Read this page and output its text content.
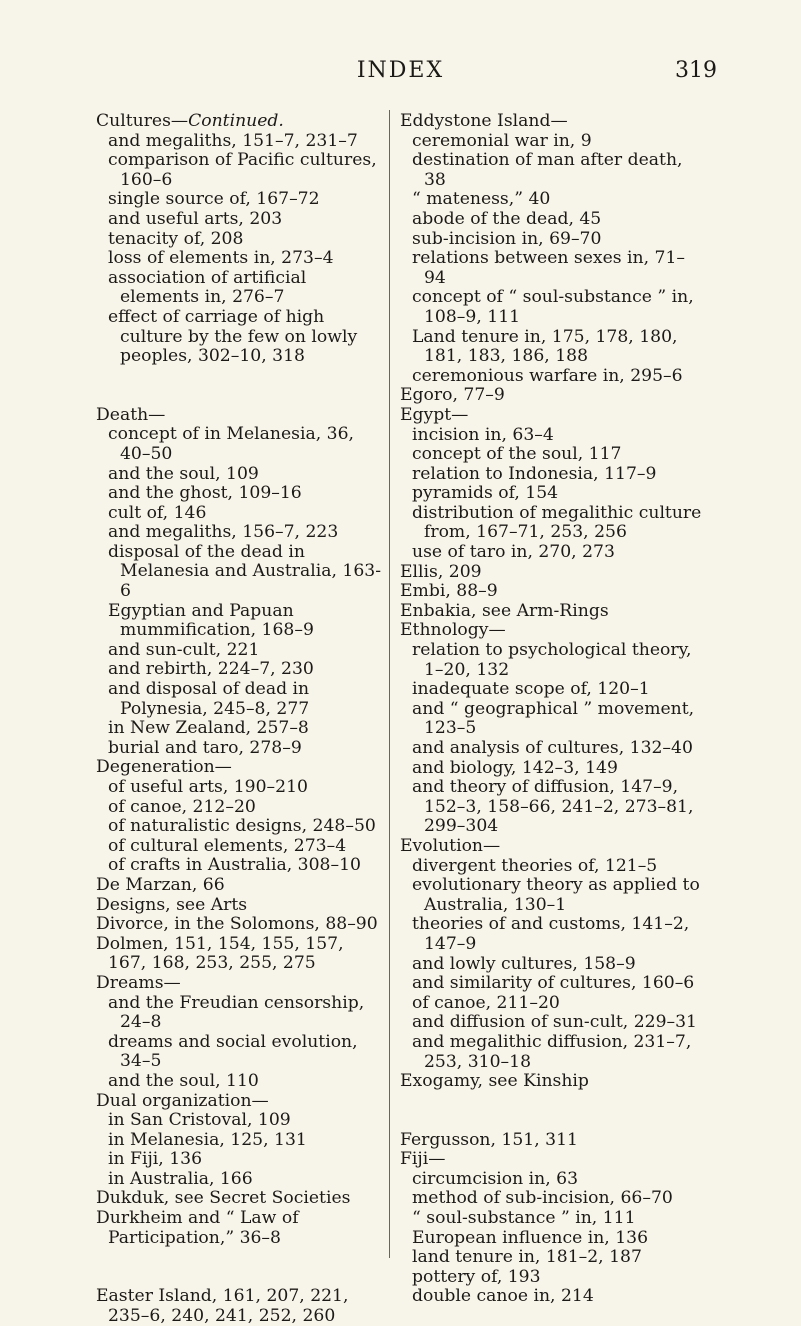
INDEX	319
Cultures—Continued.
and megaliths, 151–7, 231–7
comparison of Pacific cultures, 160–6
single source of, 167–72
and useful arts, 203
tenacity of, 208
loss of elements in, 273–4
association of artificial elements in, 276–7
effect of carriage of high culture by the few on lowly peoples, 302–10, 318
Death—
concept of in Melanesia, 36, 40–50
and the soul, 109
and the ghost, 109–16
cult of, 146
and megaliths, 156–7, 223
disposal of the dead in Melanesia and Australia, 163- 6
Egyptian and Papuan mummification, 168–9
and sun-cult, 221
and rebirth, 224–7, 230
and disposal of dead in Polynesia, 245–8, 277
in New Zealand, 257–8
burial and taro, 278–9
Degeneration—
of useful arts, 190–210
of canoe, 212–20
of naturalistic designs, 248–50
of cultural elements, 273–4
of crafts in Australia, 308–10
De Marzan, 66
Designs, see Arts
Divorce, in the Solomons, 88–90
Dolmen, 151, 154, 155, 157, 167, 168, 253, 255, 275
Dreams—
and the Freudian censorship, 24–8
dreams and social evolution, 34–5
and the soul, 110
Dual organization—
in San Cristoval, 109
in Melanesia, 125, 131
in Fiji, 136
in Australia, 166
Dukduk, see Secret Societies
Durkheim and “ Law of Participation,” 36–8
Easter Island, 161, 207, 221, 235–6, 240, 241, 252, 260
Eddystone Island—
ceremonial war in, 9
destination of man after death, 38
“ mateness,” 40
abode of the dead, 45
sub-incision in, 69–70
relations between sexes in, 71–94
concept of “ soul-substance ” in, 108–9, 111
Land tenure in, 175, 178, 180, 181, 183, 186, 188
ceremonious warfare in, 295–6
Egoro, 77–9
Egypt—
incision in, 63–4
concept of the soul, 117
relation to Indonesia, 117–9
pyramids of, 154
distribution of megalithic culture from, 167–71, 253, 256
use of taro in, 270, 273
Ellis, 209
Embi, 88–9
Enbakia, see Arm-Rings
Ethnology—
relation to psychological theory, 1–20, 132
inadequate scope of, 120–1
and “ geographical ” movement, 123–5
and analysis of cultures, 132–40
and biology, 142–3, 149
and theory of diffusion, 147–9, 152–3, 158–66, 241–2, 273–81, 299–304
Evolution—
divergent theories of, 121–5
evolutionary theory as applied to Australia, 130–1
theories of and customs, 141–2, 147–9
and lowly cultures, 158–9
and similarity of cultures, 160–6
of canoe, 211–20
and diffusion of sun-cult, 229–31
and megalithic diffusion, 231–7, 253, 310–18
Exogamy, see Kinship
Fergusson, 151, 311
Fiji—
circumcision in, 63
method of sub-incision, 66–70
“ soul-substance ” in, 111
European influence in, 136
land tenure in, 181–2, 187
pottery of, 193
double canoe in, 214
